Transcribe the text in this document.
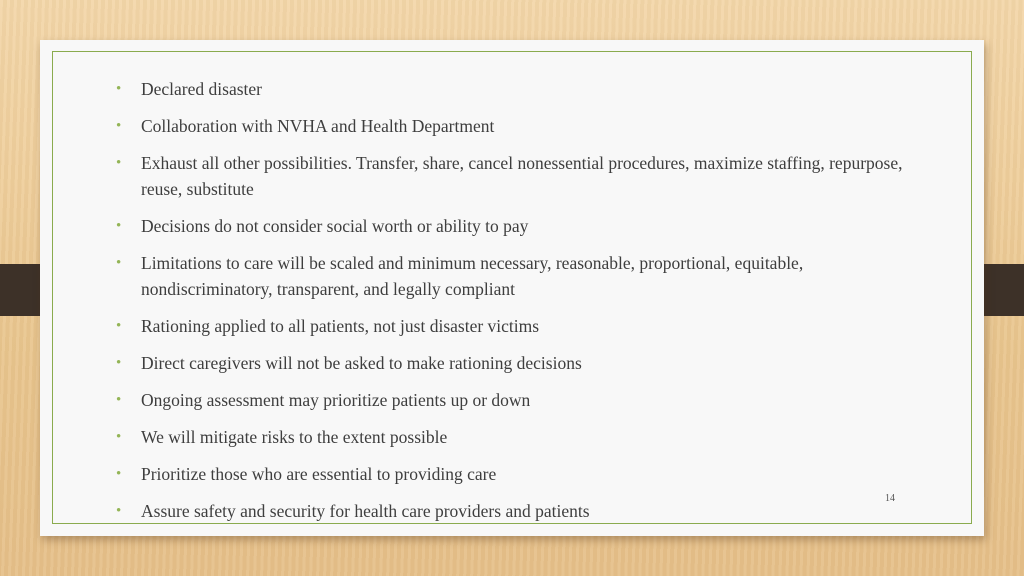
• Declared disaster
• Collaboration with NVHA and Health Department
• Exhaust all other possibilities. Transfer, share, cancel nonessential procedures, maximize staffing, repurpose, reuse, substitute
• Decisions do not consider social worth or ability to pay
• Limitations to care will be scaled and minimum necessary, reasonable, proportional, equitable, nondiscriminatory, transparent, and legally compliant
• Rationing applied to all patients, not just disaster victims
• Direct caregivers will not be asked to make rationing decisions
• Ongoing assessment may prioritize patients up or down
• We will mitigate risks to the extent possible
• Prioritize those who are essential to providing care
• Assure safety and security for health care providers and patients
14
